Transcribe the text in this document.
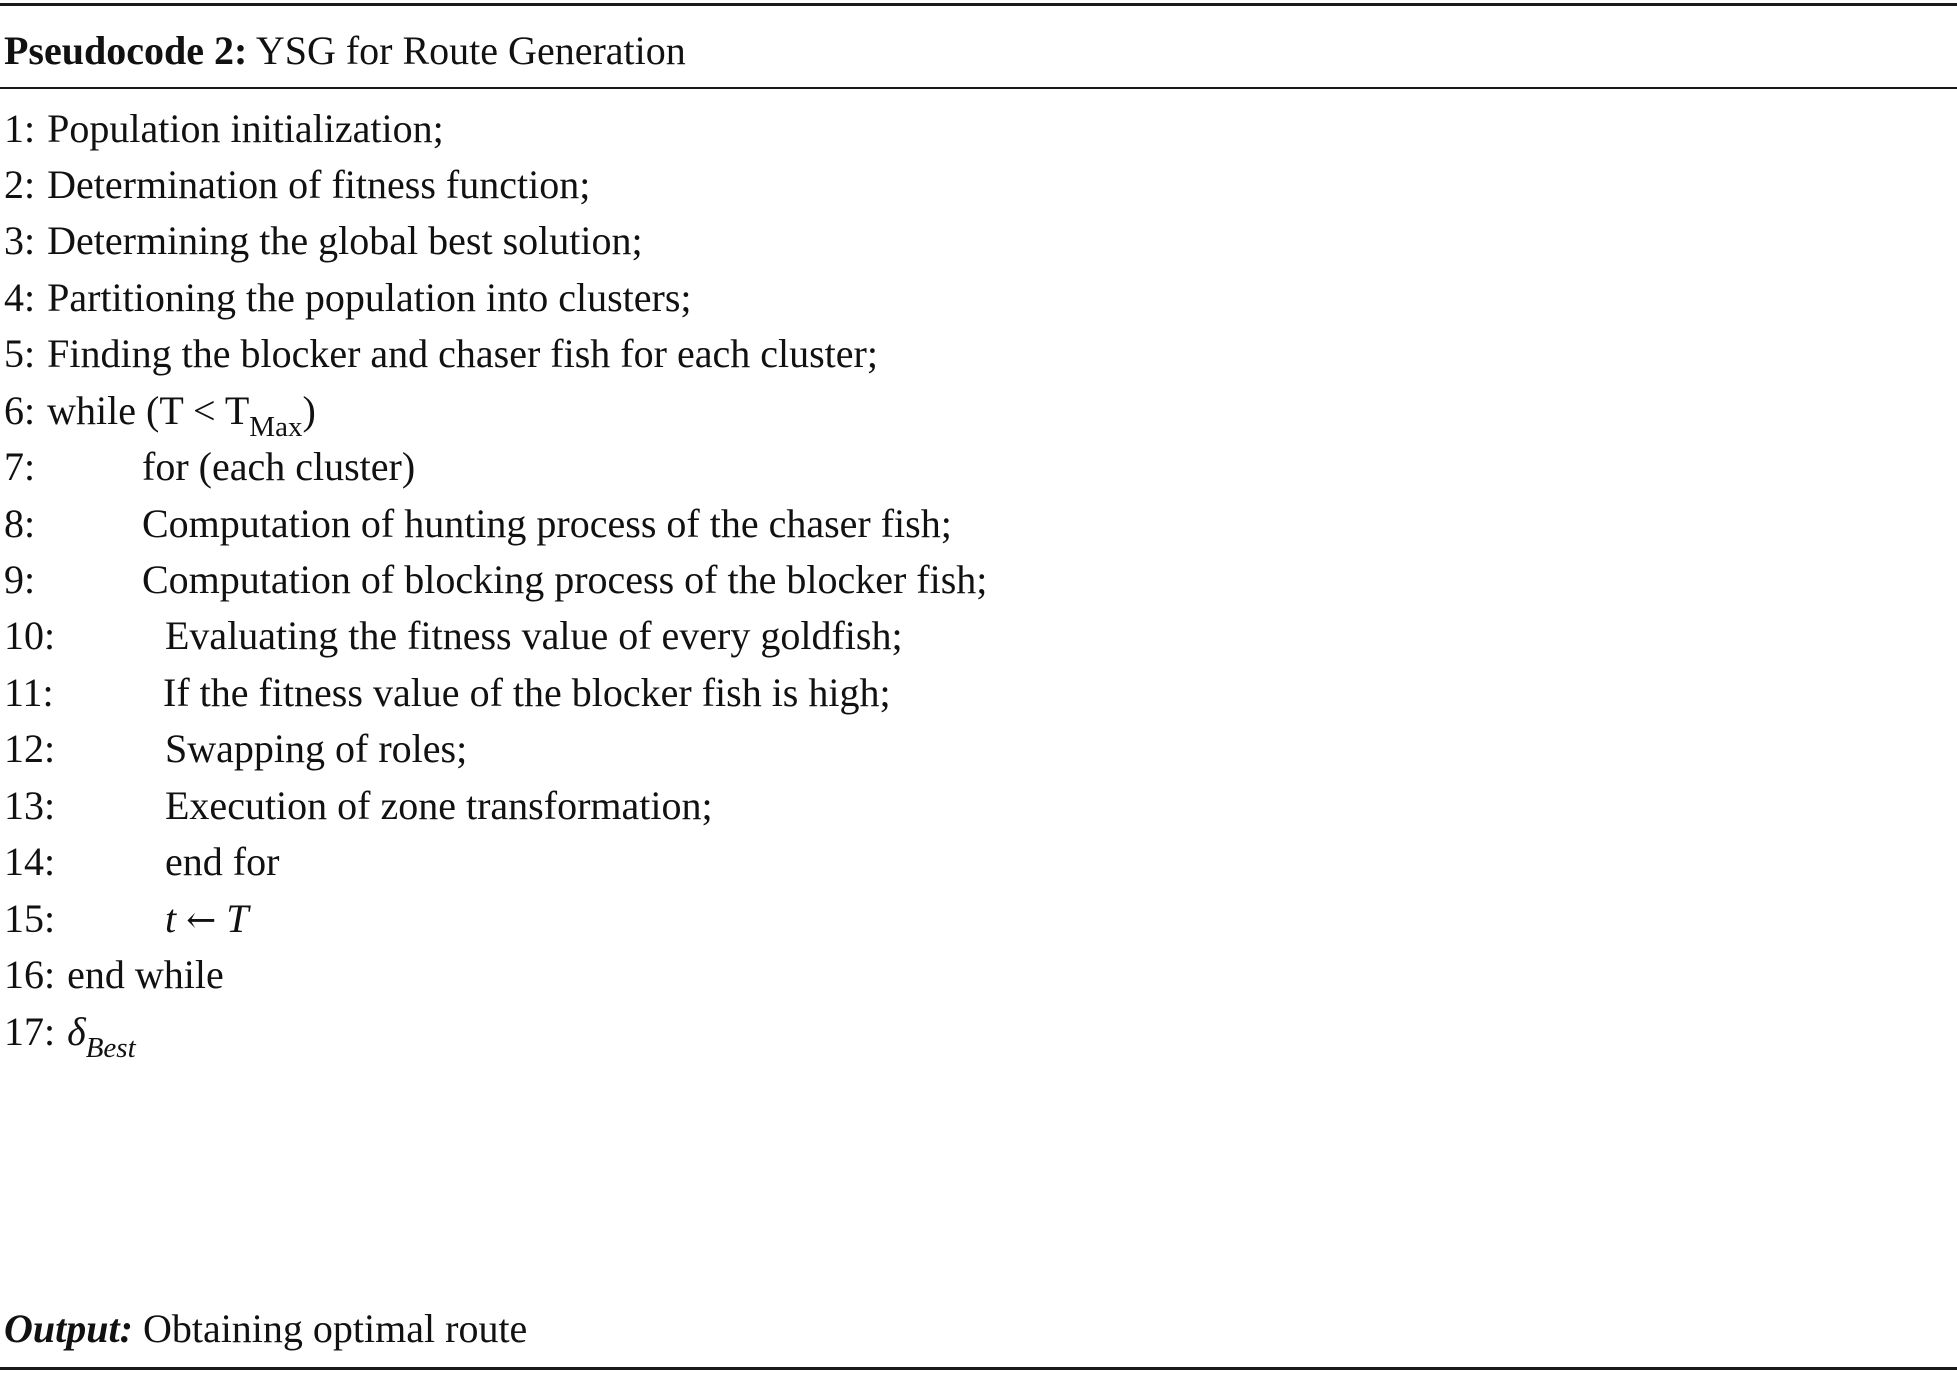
Pseudocode 2: YSG for Route Generation
1: Population initialization;
2: Determination of fitness function;
3: Determining the global best solution;
4: Partitioning the population into clusters;
5: Finding the blocker and chaser fish for each cluster;
6: while $(T < T_{Max})$
7:	for (each cluster)
8:	Computation of hunting process of the chaser fish;
9:	Computation of blocking process of the blocker fish;
10:	Evaluating the fitness value of every goldfish;
11:	If the fitness value of the blocker fish is high;
12:	Swapping of roles;
13:	Execution of zone transformation;
14:	end for
15:	t ← T
16: end while
17: $\delta_{Best}$
Output: Obtaining optimal route
